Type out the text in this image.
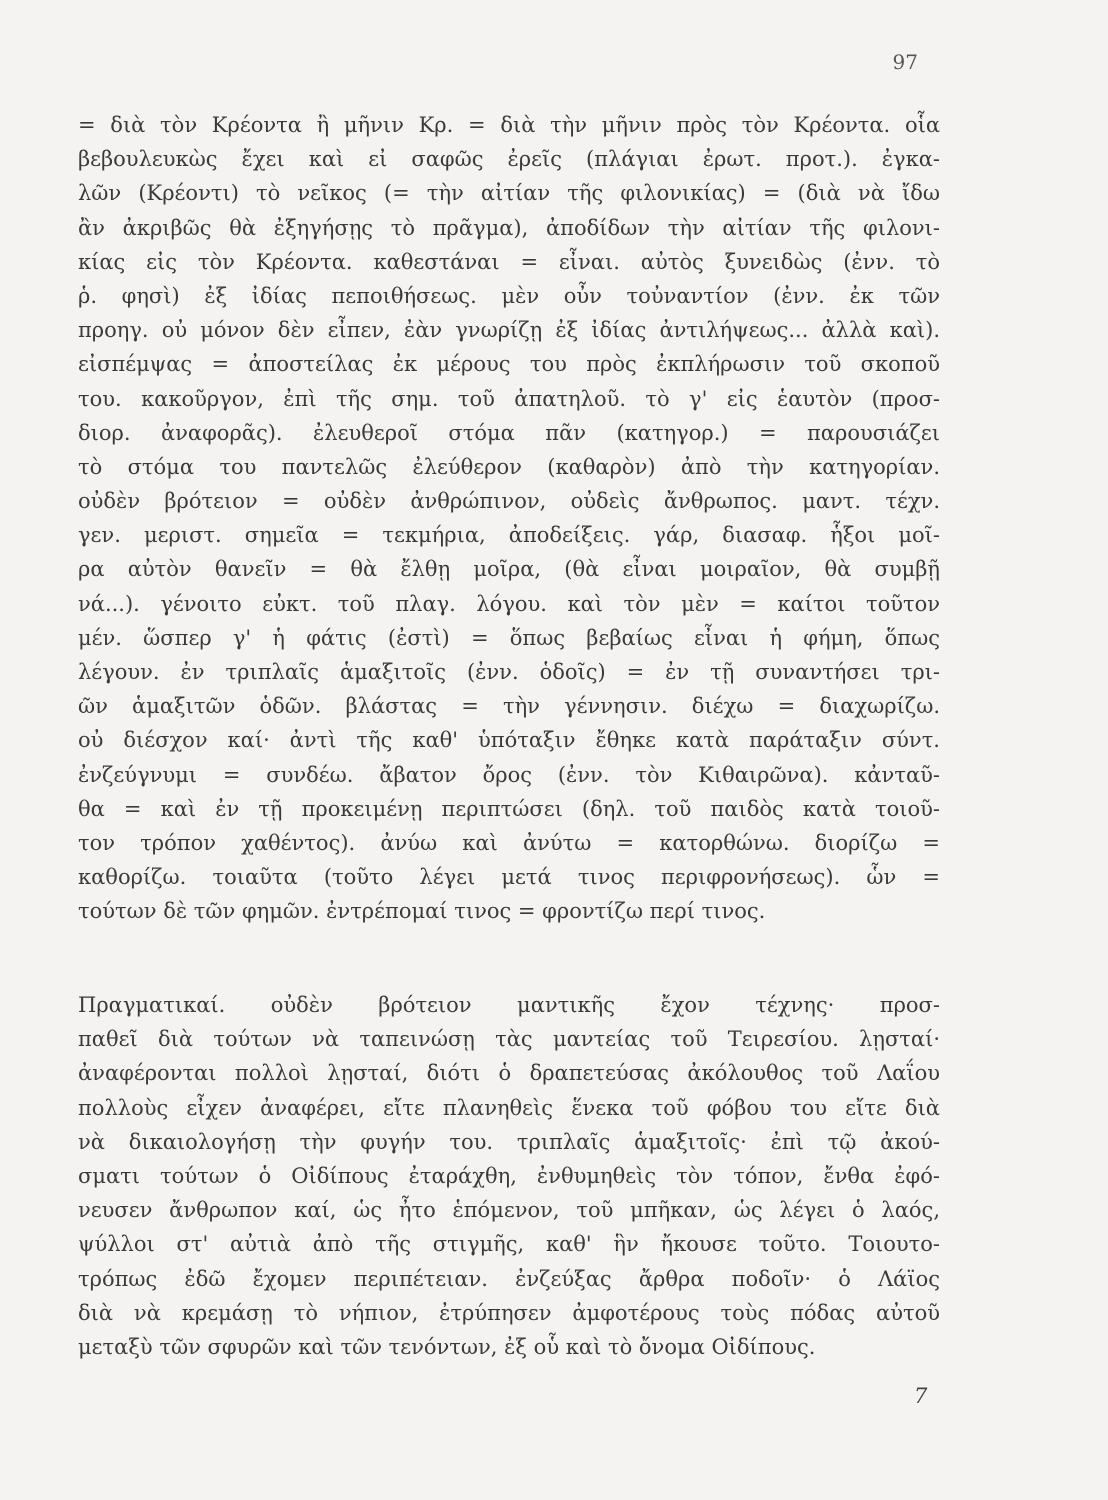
97
= διὰ τὸν Κρέοντα ἢ μῆνιν Κρ. = διὰ τὴν μῆνιν πρὸς τὸν Κρέοντα. οἷα
βεβουλευκὼς ἔχει καὶ εἰ σαφῶς ἐρεῖς (πλάγιαι ἐρωτ. προτ.). ἐγκα-
λῶν (Κρέοντι) τὸ νεῖκος (= τὴν αἰτίαν τῆς φιλονικίας) = (διὰ νὰ ἴδω
ἂν ἀκριβῶς θὰ ἐξηγήσῃς τὸ πρᾶγμα), ἀποδίδων τὴν αἰτίαν τῆς φιλονι-
κίας εἰς τὸν Κρέοντα. καθεστάναι = εἶναι. αὐτὸς ξυνειδὼς (ἐνν. τὸ
ῥ. φησὶ) ἐξ ἰδίας πεποιθήσεως. μὲν οὖν τοὐναντίον (ἐνν. ἐκ τῶν
προηγ. οὐ μόνον δὲν εἶπεν, ἐὰν γνωρίζῃ ἐξ ἰδίας ἀντιλήψεως... ἀλλὰ καὶ).
εἰσπέμψας = ἀποστείλας ἐκ μέρους του πρὸς ἐκπλήρωσιν τοῦ σκοποῦ
του. κακοῦργον, ἐπὶ τῆς σημ. τοῦ ἀπατηλοῦ. τὸ γ' εἰς ἑαυτὸν (προσ-
διορ. ἀναφορᾶς). ἐλευθεροῖ στόμα πᾶν (κατηγορ.) = παρουσιάζει
τὸ στόμα του παντελῶς ἐλεύθερον (καθαρὸν) ἀπὸ τὴν κατηγορίαν.
οὐδὲν βρότειον = οὐδὲν ἀνθρώπινον, οὐδεὶς ἄνθρωπος. μαντ. τέχν.
γεν. μεριστ. σημεῖα = τεκμήρια, ἀποδείξεις. γάρ, διασαφ. ἧξοι μοῖ-
ρα αὐτὸν θανεῖν = θὰ ἔλθῃ μοῖρα, (θὰ εἶναι μοιραῖον, θὰ συμβῇ
νά...). γένοιτο εὐκτ. τοῦ πλαγ. λόγου. καὶ τὸν μὲν = καίτοι τοῦτον
μέν. ὥσπερ γ' ἡ φάτις (ἐστὶ) = ὅπως βεβαίως εἶναι ἡ φήμη, ὅπως
λέγουν. ἐν τριπλαῖς ἁμαξιτοῖς (ἐνν. ὁδοῖς) = ἐν τῇ συναντήσει τρι-
ῶν ἁμαξιτῶν ὁδῶν. βλάστας = τὴν γέννησιν. διέχω = διαχωρίζω.
οὐ διέσχον καί· ἀντὶ τῆς καθ' ὑπόταξιν ἔθηκε κατὰ παράταξιν σύντ.
ἐνζεύγνυμι = συνδέω. ἄβατον ὄρος (ἐνν. τὸν Κιθαιρῶνα). κἀνταῦ-
θα = καὶ ἐν τῇ προκειμένῃ περιπτώσει (δηλ. τοῦ παιδὸς κατὰ τοιοῦ-
τον τρόπον χαθέντος). ἀνύω καὶ ἀνύτω = κατορθώνω. διορίζω =
καθορίζω. τοιαῦτα (τοῦτο λέγει μετά τινος περιφρονήσεως). ὧν =
τούτων δὲ τῶν φημῶν. ἐντρέπομαί τινος = φροντίζω περί τινος.
Πραγματικαί. οὐδὲν βρότειον μαντικῆς ἔχον τέχνης· προσ-
παθεῖ διὰ τούτων νὰ ταπεινώσῃ τὰς μαντείας τοῦ Τειρεσίου. λῃσταί·
ἀναφέρονται πολλοὶ λῃσταί, διότι ὁ δραπετεύσας ἀκόλουθος τοῦ Λαΐου
πολλοὺς εἶχεν ἀναφέρει, εἴτε πλανηθεὶς ἕνεκα τοῦ φόβου του εἴτε διὰ
νὰ δικαιολογήσῃ τὴν φυγήν του. τριπλαῖς ἁμαξιτοῖς· ἐπὶ τῷ ἀκού-
σματι τούτων ὁ Οἰδίπους ἐταράχθη, ἐνθυμηθεὶς τὸν τόπον, ἔνθα ἐφό-
νευσεν ἄνθρωπον καί, ὡς ἦτο ἑπόμενον, τοῦ μπῆκαν, ὡς λέγει ὁ λαός,
ψύλλοι στ' αὐτιὰ ἀπὸ τῆς στιγμῆς, καθ' ἣν ἤκουσε τοῦτο. Τοιουτο-
τρόπως ἐδῶ ἔχομεν περιπέτειαν. ἐνζεύξας ἄρθρα ποδοῖν· ὁ Λάϊος
διὰ νὰ κρεμάσῃ τὸ νήπιον, ἐτρύπησεν ἀμφοτέρους τοὺς πόδας αὐτοῦ
μεταξὺ τῶν σφυρῶν καὶ τῶν τενόντων, ἐξ οὗ καὶ τὸ ὄνομα Οἰδίπους.
7
